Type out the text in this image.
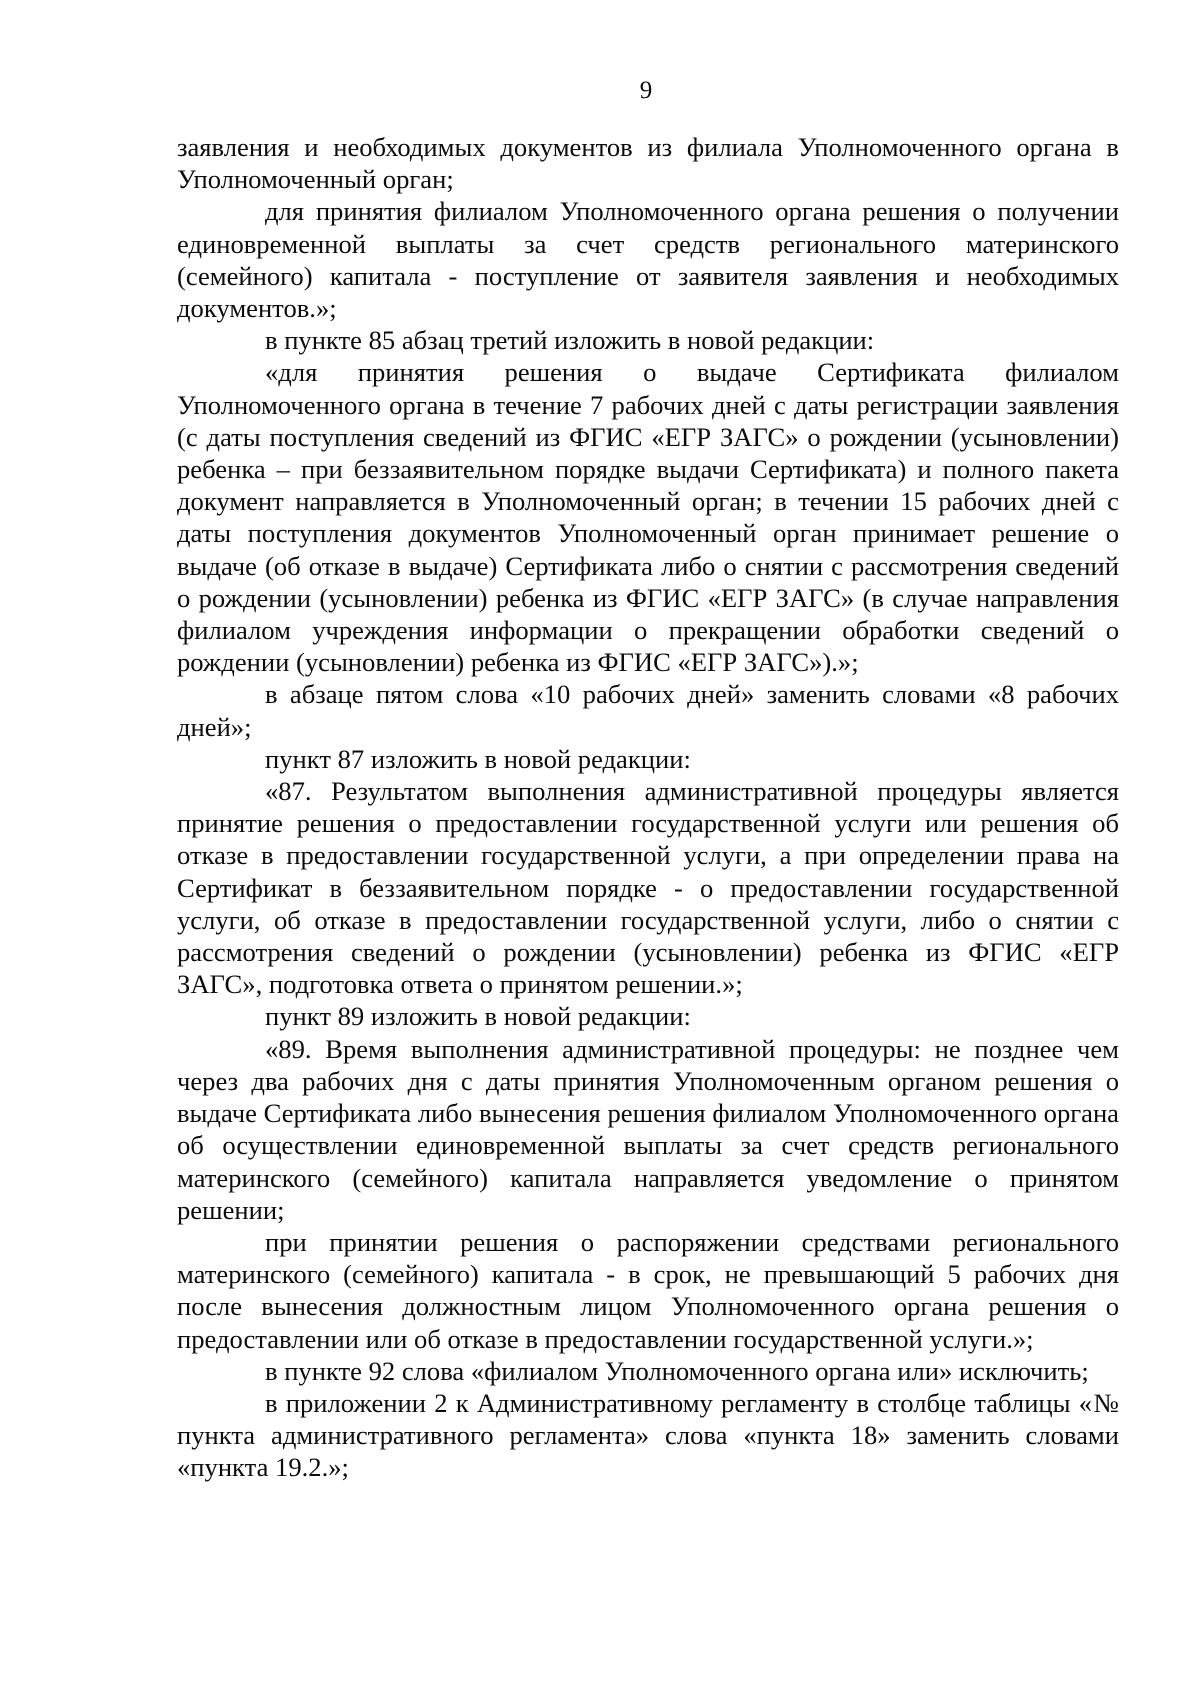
9

заявления и необходимых документов из филиала Уполномоченного органа в Уполномоченный орган;

для принятия филиалом Уполномоченного органа решения о получении единовременной выплаты за счет средств регионального материнского (семейного) капитала - поступление от заявителя заявления и необходимых документов.»;

в пункте 85 абзац третий изложить в новой редакции:

«для принятия решения о выдаче Сертификата филиалом Уполномоченного органа в течение 7 рабочих дней с даты регистрации заявления (с даты поступления сведений из ФГИС «ЕГР ЗАГС» о рождении (усыновлении) ребенка – при беззаявительном порядке выдачи Сертификата) и полного пакета документ направляется в Уполномоченный орган; в течении 15 рабочих дней с даты поступления документов Уполномоченный орган принимает решение о выдаче (об отказе в выдаче) Сертификата либо о снятии с рассмотрения сведений о рождении (усыновлении) ребенка из ФГИС «ЕГР ЗАГС» (в случае направления филиалом учреждения информации о прекращении обработки сведений о рождении (усыновлении) ребенка из ФГИС «ЕГР ЗАГС»).»;

в абзаце пятом слова «10 рабочих дней» заменить словами «8 рабочих дней»;

пункт 87 изложить в новой редакции:

«87. Результатом выполнения административной процедуры является принятие решения о предоставлении государственной услуги или решения об отказе в предоставлении государственной услуги, а при определении права на Сертификат в беззаявительном порядке - о предоставлении государственной услуги, об отказе в предоставлении государственной услуги, либо о снятии с рассмотрения сведений о рождении (усыновлении) ребенка из ФГИС «ЕГР ЗАГС», подготовка ответа о принятом решении.»;

пункт 89 изложить в новой редакции:

«89. Время выполнения административной процедуры: не позднее чем через два рабочих дня с даты принятия Уполномоченным органом решения о выдаче Сертификата либо вынесения решения филиалом Уполномоченного органа об осуществлении единовременной выплаты за счет средств регионального материнского (семейного) капитала направляется уведомление о принятом решении;

при принятии решения о распоряжении средствами регионального материнского (семейного) капитала - в срок, не превышающий 5 рабочих дня после вынесения должностным лицом Уполномоченного органа решения о предоставлении или об отказе в предоставлении государственной услуги.»;

в пункте 92 слова «филиалом Уполномоченного органа или» исключить;

в приложении 2 к Административному регламенту в столбце таблицы «№ пункта административного регламента» слова «пункта 18» заменить словами «пункта 19.2.»;
